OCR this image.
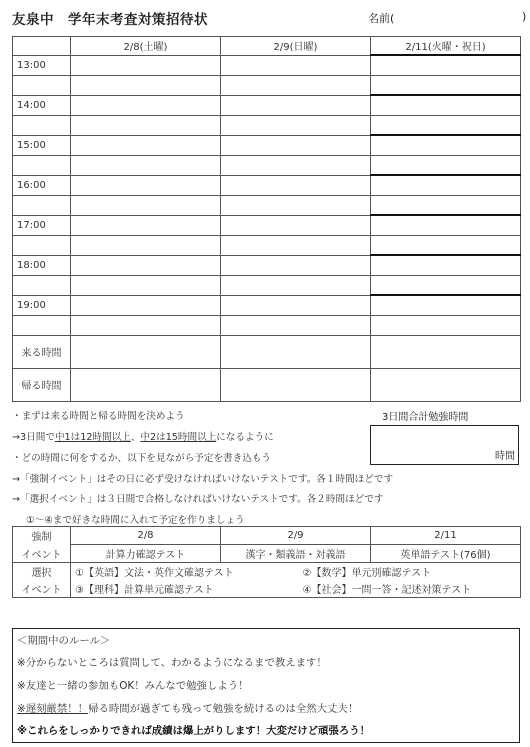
友泉中　学年末考査対策招待状	名前(	)
	2/8(土曜)	2/9(日曜)	2/11(火曜・祝日)
13:00			

14:00			

15:00			

16:00			

17:00			

18:00			

19:00			

来る時間			
帰る時間			
・まずは来る時間と帰る時間を決めよう
→3日間で中1は12時間以上、中2は15時間以上になるように
・どの時間に何をするか、以下を見ながら予定を書き込もう
→「強制イベント」はその日に必ず受けなければいけないテストです。各１時間ほどです
→「選択イベント」は３日間で合格しなければいけないテストです。各２時間ほどです
①～④まで好きな時間に入れて予定を作りましょう
3日間合計勉強時間
時間
強制	2/8	2/9		2/11
イベント	計算力確認テスト	漢字・類義語・対義語		英単語テスト(76個)
選択	①【英語】文法・英作文確認テスト		②【数学】単元別確認テスト	
イベント	③【理科】計算単元確認テスト		④【社会】一問一答・記述対策テスト	
＜期間中のルール＞
※分からないところは質問して、わかるようになるまで教えます！
※友達と一緒の参加もOK！みんなで勉強しよう！
※遅刻厳禁！！帰る時間が過ぎても残って勉強を続けるのは全然大丈夫！
※これらをしっかりできれば成績は爆上がりします！大変だけど頑張ろう！
